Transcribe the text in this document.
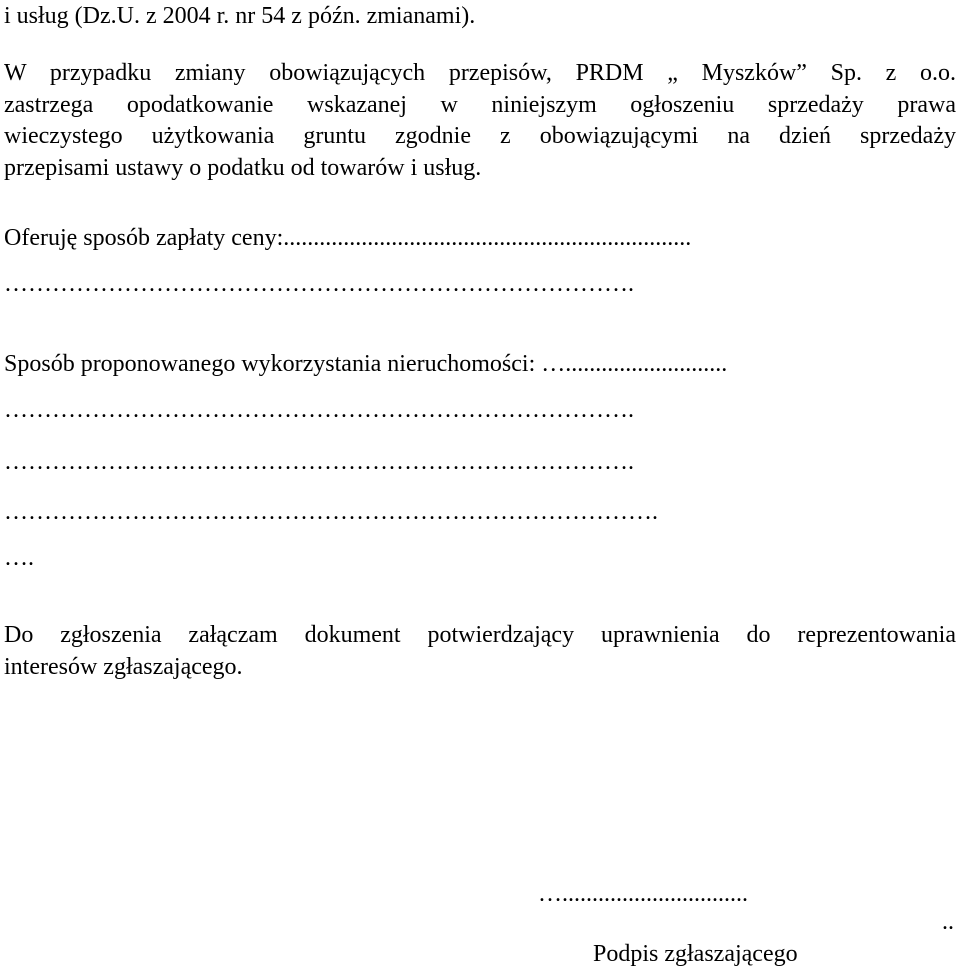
i usług (Dz.U. z 2004 r. nr 54 z późn. zmianami).
W przypadku zmiany obowiązujących przepisów, PRDM „ Myszków” Sp. z o.o.
zastrzega opodatkowanie wskazanej w niniejszym ogłoszeniu sprzedaży prawa
wieczystego użytkowania gruntu zgodnie z obowiązującymi na dzień sprzedaży
przepisami ustawy o podatku od towarów i usług.
Oferuję sposób zapłaty ceny:....................................................................
…………………………………………………………………….
Sposób proponowanego wykorzystania nieruchomości: …...........................
…………………………………………………………………….
…………………………………………………………………….
……………………………………………………………………….
….
Do zgłoszenia załączam dokument potwierdzający uprawnienia do reprezentowania
interesów zgłaszającego.
…...............................
..
Podpis zgłaszającego
